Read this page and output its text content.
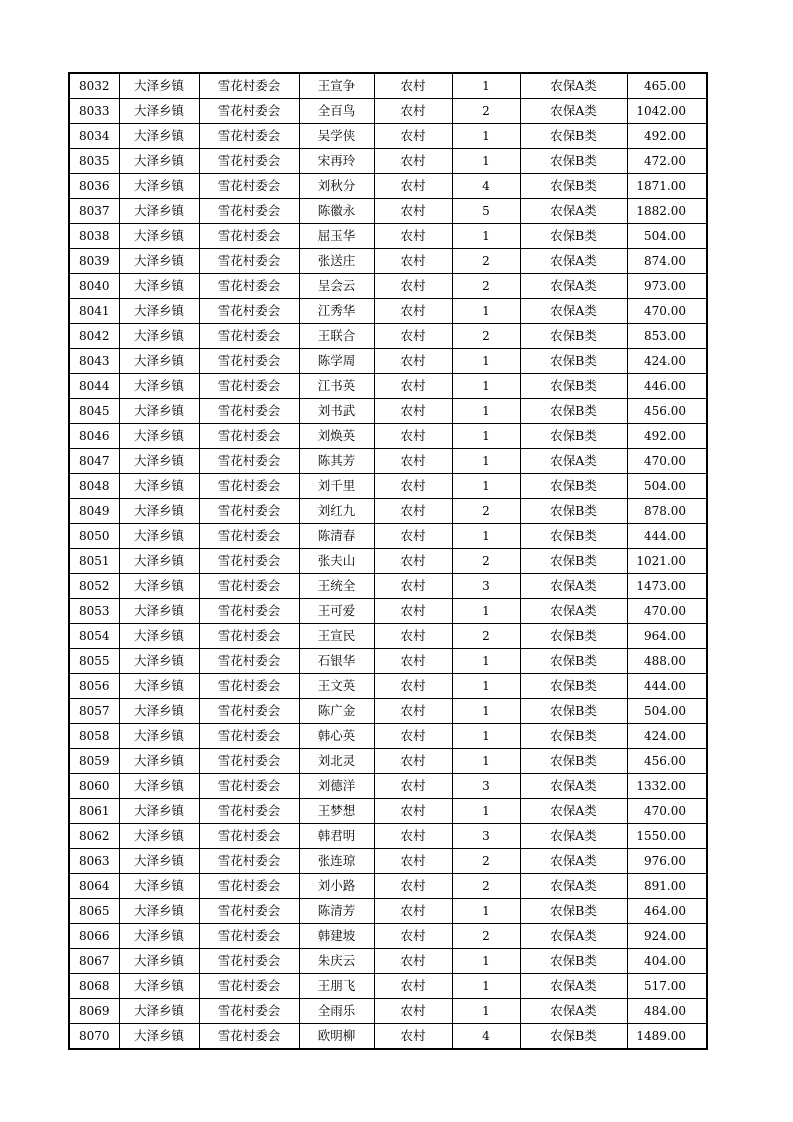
8032	大泽乡镇	雪花村委会	王宣争	农村	1	农保A类	465.00
8033	大泽乡镇	雪花村委会	全百鸟	农村	2	农保A类	1042.00
8034	大泽乡镇	雪花村委会	吴学侠	农村	1	农保B类	492.00
8035	大泽乡镇	雪花村委会	宋再玲	农村	1	农保B类	472.00
8036	大泽乡镇	雪花村委会	刘秋分	农村	4	农保B类	1871.00
8037	大泽乡镇	雪花村委会	陈徽永	农村	5	农保A类	1882.00
8038	大泽乡镇	雪花村委会	屈玉华	农村	1	农保B类	504.00
8039	大泽乡镇	雪花村委会	张送庄	农村	2	农保A类	874.00
8040	大泽乡镇	雪花村委会	呈会云	农村	2	农保A类	973.00
8041	大泽乡镇	雪花村委会	江秀华	农村	1	农保A类	470.00
8042	大泽乡镇	雪花村委会	王联合	农村	2	农保B类	853.00
8043	大泽乡镇	雪花村委会	陈学周	农村	1	农保B类	424.00
8044	大泽乡镇	雪花村委会	江书英	农村	1	农保B类	446.00
8045	大泽乡镇	雪花村委会	刘书武	农村	1	农保B类	456.00
8046	大泽乡镇	雪花村委会	刘焕英	农村	1	农保B类	492.00
8047	大泽乡镇	雪花村委会	陈其芳	农村	1	农保A类	470.00
8048	大泽乡镇	雪花村委会	刘千里	农村	1	农保B类	504.00
8049	大泽乡镇	雪花村委会	刘红九	农村	2	农保B类	878.00
8050	大泽乡镇	雪花村委会	陈清春	农村	1	农保B类	444.00
8051	大泽乡镇	雪花村委会	张夫山	农村	2	农保B类	1021.00
8052	大泽乡镇	雪花村委会	王统全	农村	3	农保A类	1473.00
8053	大泽乡镇	雪花村委会	王可爱	农村	1	农保A类	470.00
8054	大泽乡镇	雪花村委会	王宣民	农村	2	农保B类	964.00
8055	大泽乡镇	雪花村委会	石银华	农村	1	农保B类	488.00
8056	大泽乡镇	雪花村委会	王文英	农村	1	农保B类	444.00
8057	大泽乡镇	雪花村委会	陈广金	农村	1	农保B类	504.00
8058	大泽乡镇	雪花村委会	韩心英	农村	1	农保B类	424.00
8059	大泽乡镇	雪花村委会	刘北灵	农村	1	农保B类	456.00
8060	大泽乡镇	雪花村委会	刘德洋	农村	3	农保A类	1332.00
8061	大泽乡镇	雪花村委会	王梦想	农村	1	农保A类	470.00
8062	大泽乡镇	雪花村委会	韩君明	农村	3	农保A类	1550.00
8063	大泽乡镇	雪花村委会	张连琼	农村	2	农保A类	976.00
8064	大泽乡镇	雪花村委会	刘小路	农村	2	农保A类	891.00
8065	大泽乡镇	雪花村委会	陈清芳	农村	1	农保B类	464.00
8066	大泽乡镇	雪花村委会	韩建坡	农村	2	农保A类	924.00
8067	大泽乡镇	雪花村委会	朱庆云	农村	1	农保B类	404.00
8068	大泽乡镇	雪花村委会	王朋飞	农村	1	农保A类	517.00
8069	大泽乡镇	雪花村委会	全雨乐	农村	1	农保A类	484.00
8070	大泽乡镇	雪花村委会	欧明柳	农村	4	农保B类	1489.00
